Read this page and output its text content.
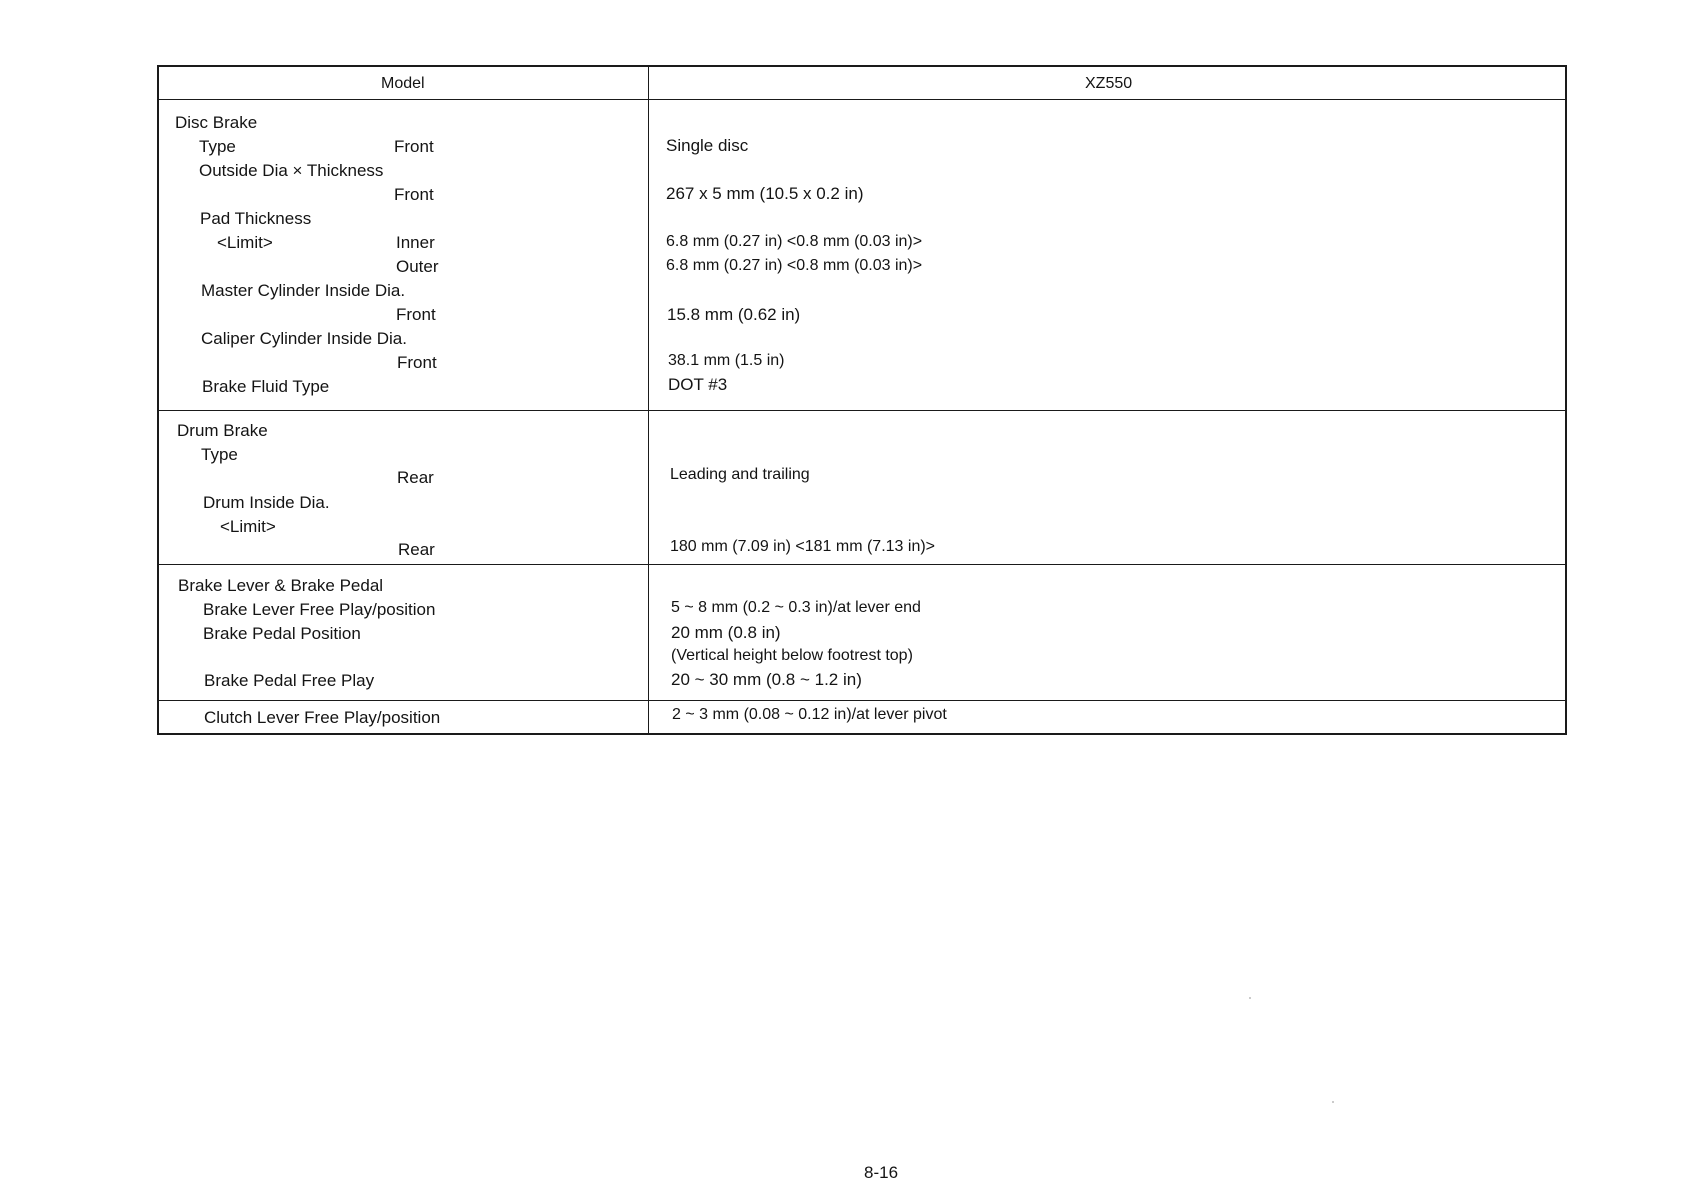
Model	XZ550
Disc Brake
Type	Front	Single disc
Outside Dia × Thickness
Front	267 x 5 mm (10.5 x 0.2 in)
Pad Thickness
<Limit>	Inner	6.8 mm (0.27 in) <0.8 mm (0.03 in)>
Outer	6.8 mm (0.27 in) <0.8 mm (0.03 in)>
Master Cylinder Inside Dia.
Front	15.8 mm (0.62 in)
Caliper Cylinder Inside Dia.
Front	38.1 mm (1.5 in)
Brake Fluid Type	DOT #3
Drum Brake
Type
Rear	Leading and trailing
Drum Inside Dia.
<Limit>
Rear	180 mm (7.09 in) <181 mm (7.13 in)>
Brake Lever & Brake Pedal
Brake Lever Free Play/position	5 ~ 8 mm (0.2 ~ 0.3 in)/at lever end
Brake Pedal Position	20 mm (0.8 in)
(Vertical height below footrest top)
Brake Pedal Free Play	20 ~ 30 mm (0.8 ~ 1.2 in)
Clutch Lever Free Play/position	2 ~ 3 mm (0.08 ~ 0.12 in)/at lever pivot
8-16
